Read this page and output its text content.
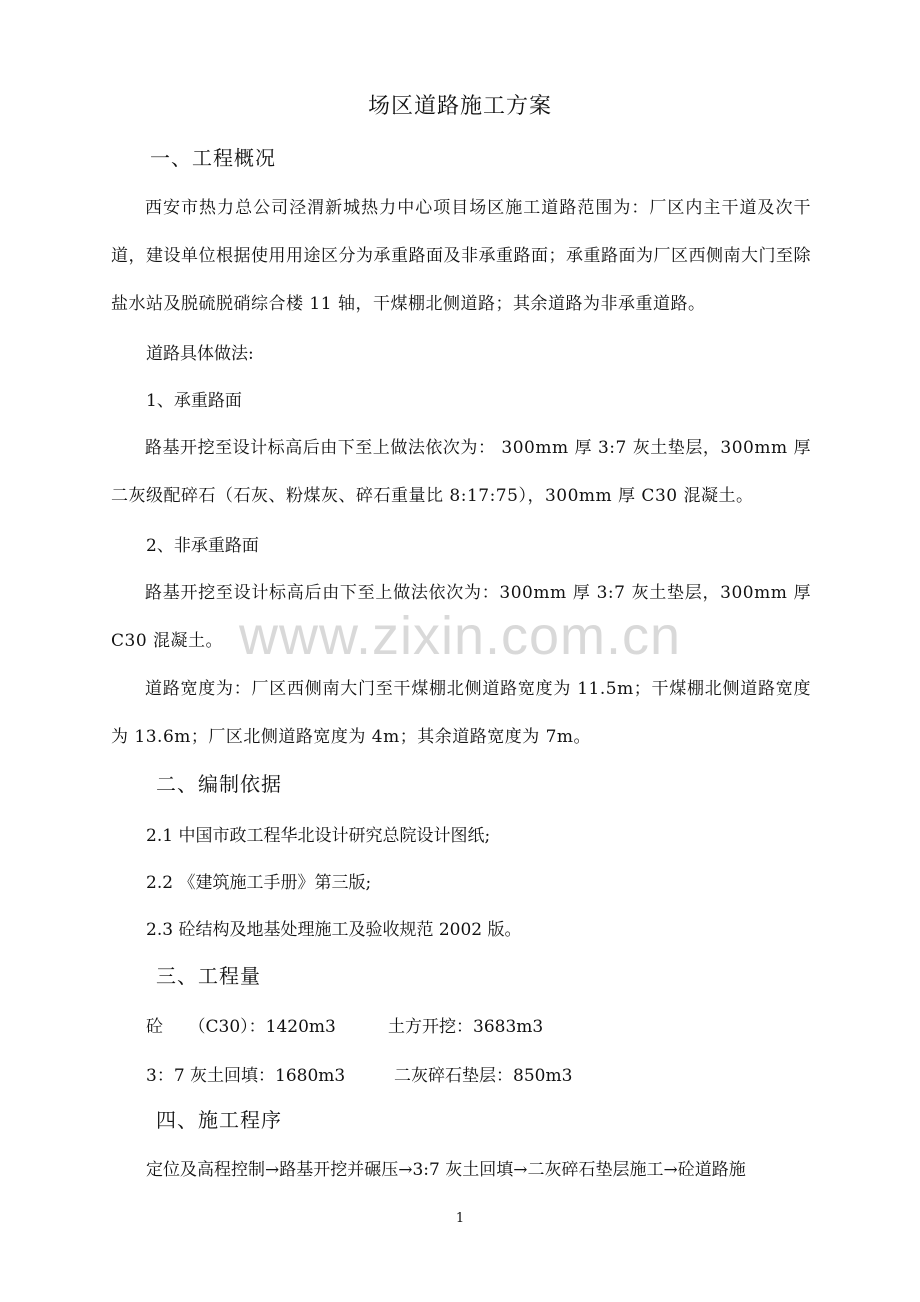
场区道路施工方案
一、工程概况
西安市热力总公司泾渭新城热力中心项目场区施工道路范围为：厂区内主干道及次干道，建设单位根据使用用途区分为承重路面及非承重路面；承重路面为厂区西侧南大门至除盐水站及脱硫脱硝综合楼 11 轴，干煤棚北侧道路；其余道路为非承重道路。
道路具体做法:
1、承重路面
路基开挖至设计标高后由下至上做法依次为： 300mm 厚 3:7 灰土垫层，300mm 厚二灰级配碎石（石灰、粉煤灰、碎石重量比 8:17:75），300mm 厚 C30 混凝土。
2、非承重路面
路基开挖至设计标高后由下至上做法依次为：300mm 厚 3:7 灰土垫层，300mm 厚 C30 混凝土。 www.zixin.com.cn
道路宽度为：厂区西侧南大门至干煤棚北侧道路宽度为 11.5m；干煤棚北侧道路宽度为 13.6m；厂区北侧道路宽度为 4m；其余道路宽度为 7m。
二、编制依据
2.1 中国市政工程华北设计研究总院设计图纸;
2.2 《建筑施工手册》第三版;
2.3 砼结构及地基处理施工及验收规范 2002 版。
三、工程量
砼　　（C30）：1420m3	土方开挖：3683m3
3：7 灰土回填：1680m3	二灰碎石垫层：850m3
四、施工程序
定位及高程控制→路基开挖并碾压→3:7 灰土回填→二灰碎石垫层施工→砼道路施
1
